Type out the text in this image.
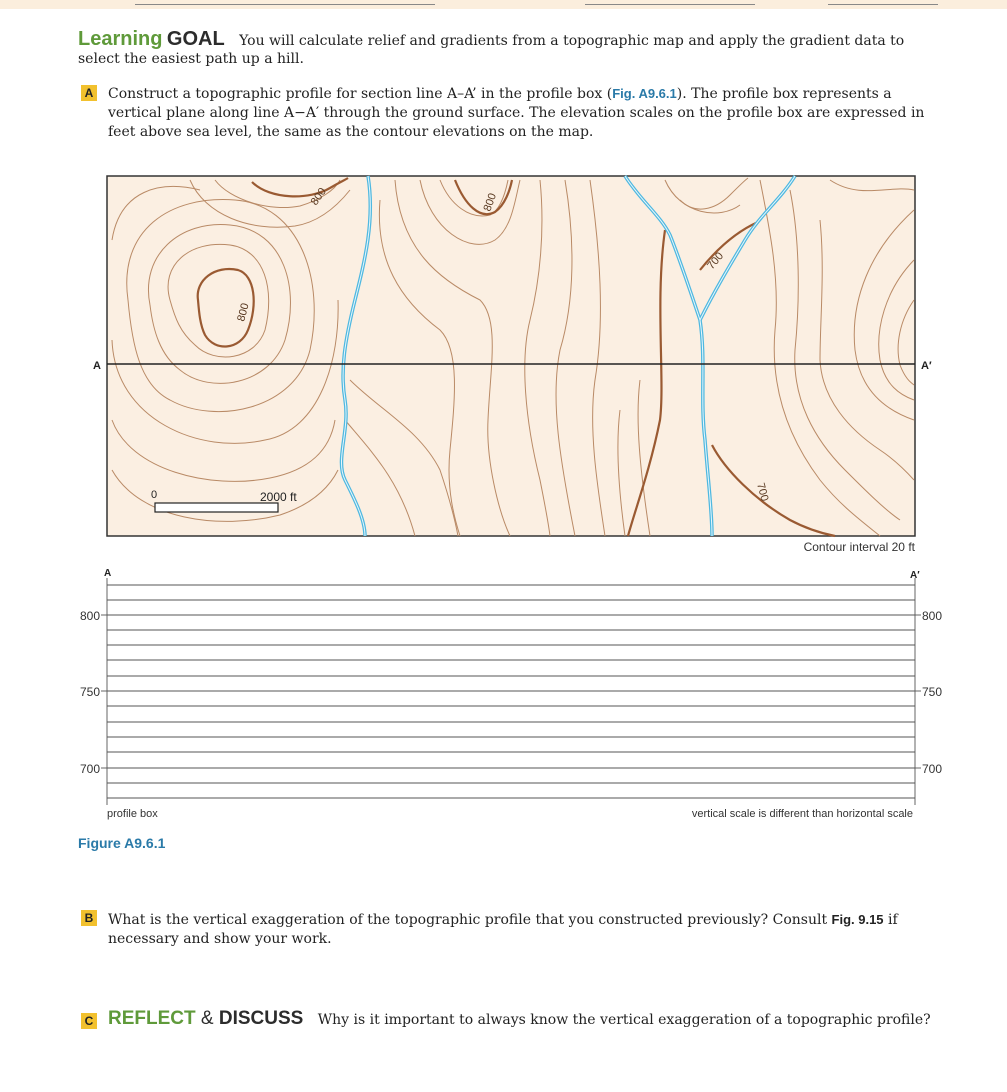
Learning GOAL You will calculate relief and gradients from a topographic map and apply the gradient data to select the easiest path up a hill.
A Construct a topographic profile for section line A–A’ in the profile box (Fig. A9.6.1). The profile box represents a vertical plane along line A−A′ through the ground surface. The elevation scales on the profile box are expressed in feet above sea level, the same as the contour elevations on the map.
A	A′
800
800
800
700
700
0	2000 ft
Contour interval 20 ft
A	A′
800
750
700
800
750
700
profile box	vertical scale is different than horizontal scale
Figure A9.6.1
B What is the vertical exaggeration of the topographic profile that you constructed previously? Consult Fig. 9.15 if necessary and show your work.
C REFLECT & DISCUSS Why is it important to always know the vertical exaggeration of a topographic profile?
